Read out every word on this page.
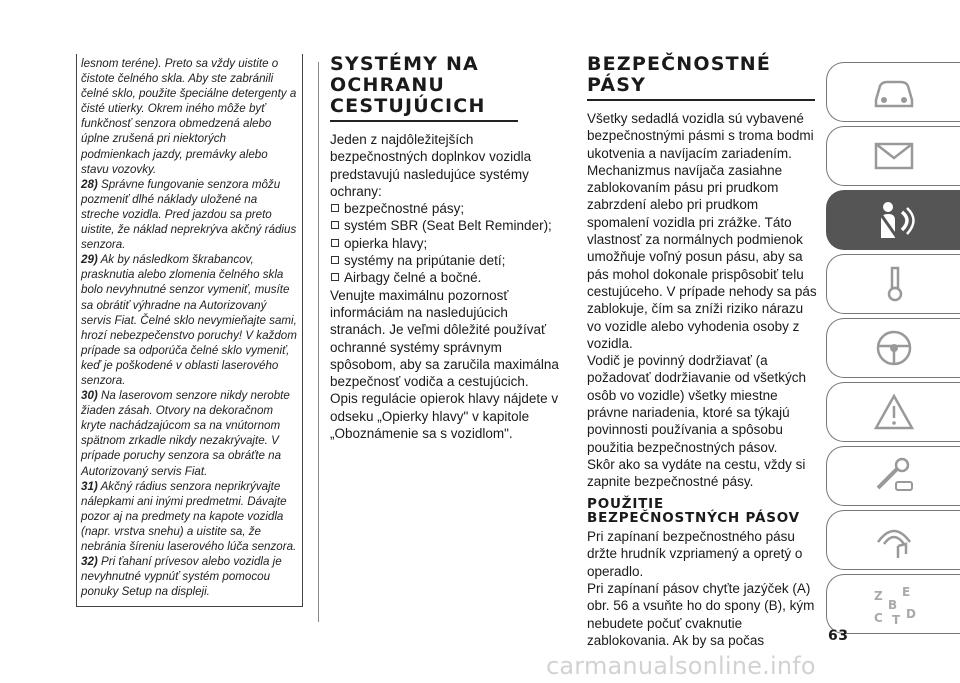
lesnom teréne). Preto sa vždy uistite o čistote čelného skla. Aby ste zabránili čelné sklo, použite špeciálne detergenty a čisté utierky. Okrem iného môže byť funkčnosť senzora obmedzená alebo úplne zrušená pri niektorých podmienkach jazdy, premávky alebo stavu vozovky.

28) Správne fungovanie senzora môžu pozmeniť dlhé náklady uložené na streche vozidla. Pred jazdou sa preto uistite, že náklad neprekrýva akčný rádius senzora.

29) Ak by následkom škrabancov, prasknutia alebo zlomenia čelného skla bolo nevyhnutné senzor vymeniť, musíte sa obrátiť výhradne na Autorizovaný servis Fiat. Čelné sklo nevymieňajte sami, hrozí nebezpečenstvo poruchy! V každom prípade sa odporúča čelné sklo vymeniť, keď je poškodené v oblasti laserového senzora.

30) Na laserovom senzore nikdy nerobte žiaden zásah. Otvory na dekoračnom kryte nachádzajúcom sa na vnútornom spätnom zrkadle nikdy nezakrývajte. V prípade poruchy senzora sa obráťte na Autorizovaný servis Fiat.

31) Akčný rádius senzora neprikrývajte nálepkami ani inými predmetmi. Dávajte pozor aj na predmety na kapote vozidla (napr. vrstva snehu) a uistite sa, že nebránia šíreniu laserového lúča senzora.

32) Pri ťahaní prívesov alebo vozidla je nevyhnutné vypnúť systém pomocou ponuky Setup na displeji.

SYSTÉMY NA OCHRANU CESTUJÚCICH

Jeden z najdôležitejších bezpečnostných doplnkov vozidla predstavujú nasledujúce systémy ochrany:

bezpečnostné pásy;
systém SBR (Seat Belt Reminder);
opierka hlavy;
systémy na pripútanie detí;
Airbagy čelné a bočné.

Venujte maximálnu pozornosť informáciám na nasledujúcich stranách. Je veľmi dôležité používať ochranné systémy správnym spôsobom, aby sa zaručila maximálna bezpečnosť vodiča a cestujúcich.

Opis regulácie opierok hlavy nájdete v odseku „Opierky hlavy" v kapitole „Oboznámenie sa s vozidlom".

BEZPEČNOSTNÉ PÁSY

Všetky sedadlá vozidla sú vybavené bezpečnostnými pásmi s troma bodmi ukotvenia a navíjacím zariadením.

Mechanizmus navíjača zasiahne zablokovaním pásu pri prudkom zabrzdení alebo pri prudkom spomalení vozidla pri zrážke. Táto vlastnosť za normálnych podmienok umožňuje voľný posun pásu, aby sa pás mohol dokonale prispôsobiť telu cestujúceho. V prípade nehody sa pás zablokuje, čím sa zníži riziko nárazu vo vozidle alebo vyhodenia osoby z vozidla.

Vodič je povinný dodržiavať (a požadovať dodržiavanie od všetkých osôb vo vozidle) všetky miestne právne nariadenia, ktoré sa týkajú povinnosti používania a spôsobu použitia bezpečnostných pásov.

Skôr ako sa vydáte na cestu, vždy si zapnite bezpečnostné pásy.

POUŽITIE BEZPEČNOSTNÝCH PÁSOV

Pri zapínaní bezpečnostného pásu držte hrudník vzpriamený a opretý o operadlo.

Pri zapínaní pásov chyťte jazýček (A) obr. 56 a vsuňte ho do spony (B), kým nebudete počuť cvaknutie zablokovania. Ak by sa počas

Z E
B
C T D
63
carmanualsonline.info
